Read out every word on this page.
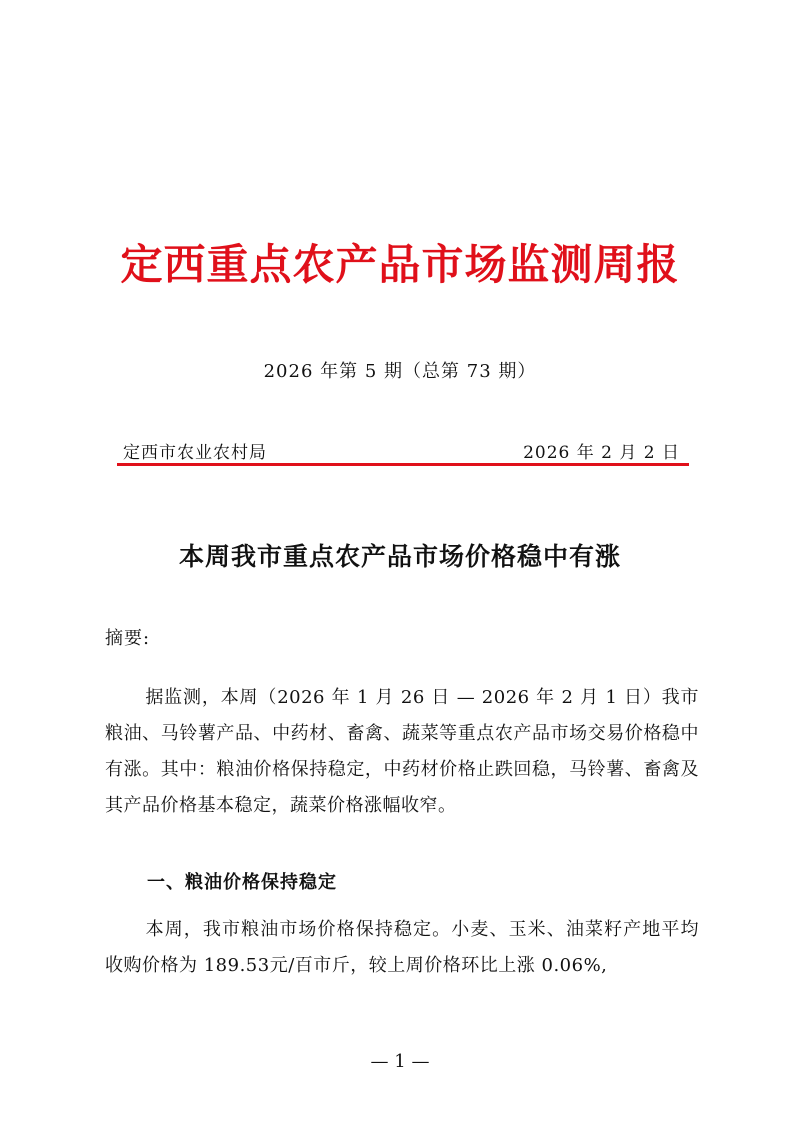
定西重点农产品市场监测周报
2026 年第 5 期（总第 73 期）
定西市农业农村局	2026 年 2 月 2 日
本周我市重点农产品市场价格稳中有涨
摘要:
据监测，本周（2026 年 1 月 26 日 — 2026 年 2 月 1 日）我市粮油、马铃薯产品、中药材、畜禽、蔬菜等重点农产品市场交易价格稳中有涨。其中：粮油价格保持稳定，中药材价格止跌回稳，马铃薯、畜禽及其产品价格基本稳定，蔬菜价格涨幅收窄。
一、粮油价格保持稳定
本周，我市粮油市场价格保持稳定。小麦、玉米、油菜籽产地平均收购价格为 189.53元/百市斤，较上周价格环比上涨 0.06%,
— 1 —
